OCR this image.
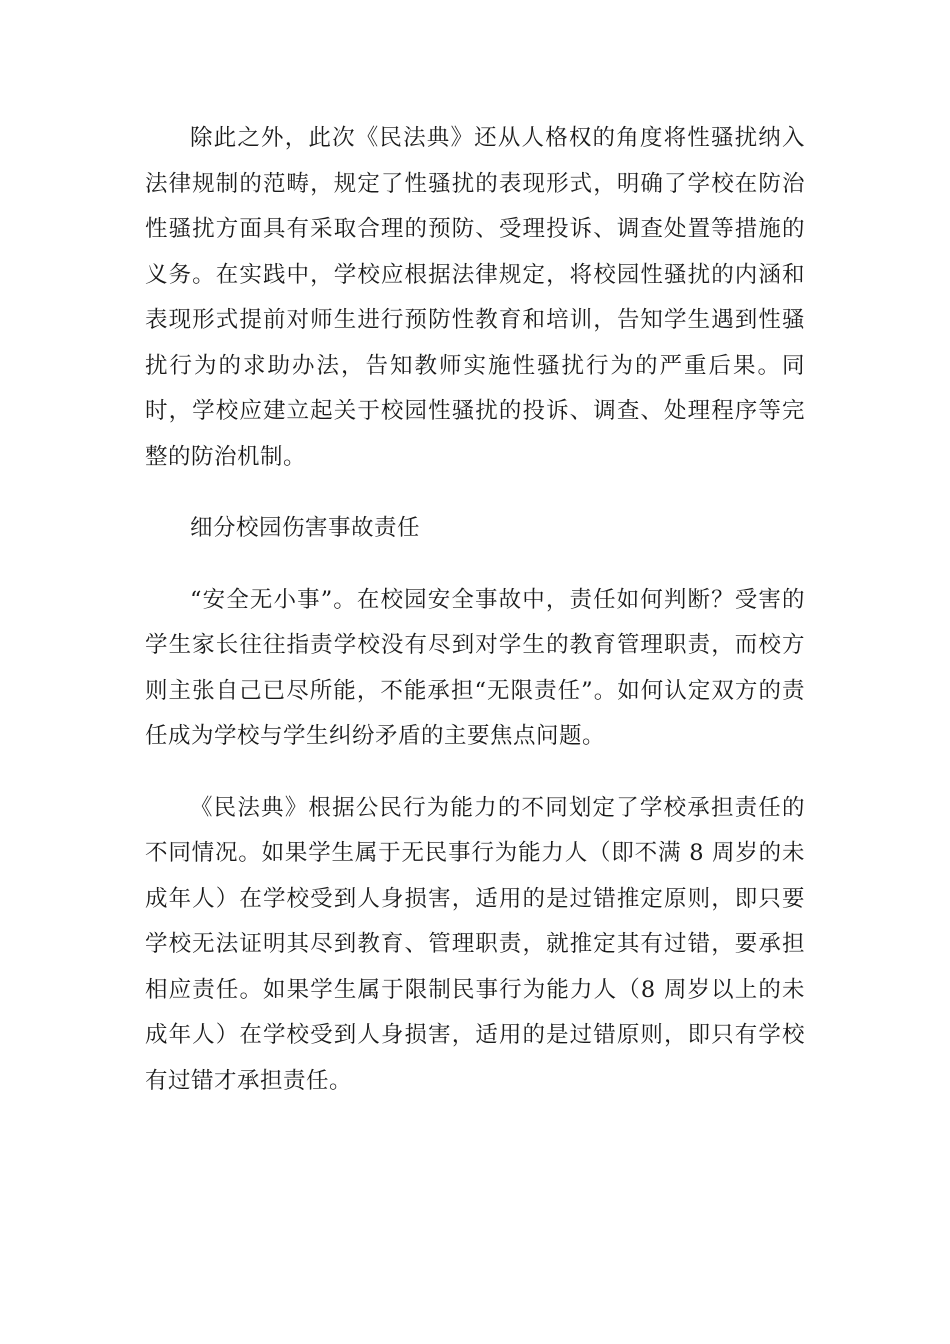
除此之外，此次《民法典》还从人格权的角度将性骚扰纳入法律规制的范畴，规定了性骚扰的表现形式，明确了学校在防治性骚扰方面具有采取合理的预防、受理投诉、调查处置等措施的义务。在实践中，学校应根据法律规定，将校园性骚扰的内涵和表现形式提前对师生进行预防性教育和培训，告知学生遇到性骚扰行为的求助办法，告知教师实施性骚扰行为的严重后果。同时，学校应建立起关于校园性骚扰的投诉、调查、处理程序等完整的防治机制。

细分校园伤害事故责任

“安全无小事”。在校园安全事故中，责任如何判断？受害的学生家长往往指责学校没有尽到对学生的教育管理职责，而校方则主张自己已尽所能，不能承担“无限责任”。如何认定双方的责任成为学校与学生纠纷矛盾的主要焦点问题。

《民法典》根据公民行为能力的不同划定了学校承担责任的不同情况。如果学生属于无民事行为能力人（即不满 8 周岁的未成年人）在学校受到人身损害，适用的是过错推定原则，即只要学校无法证明其尽到教育、管理职责，就推定其有过错，要承担相应责任。如果学生属于限制民事行为能力人（8 周岁以上的未成年人）在学校受到人身损害，适用的是过错原则，即只有学校有过错才承担责任。
